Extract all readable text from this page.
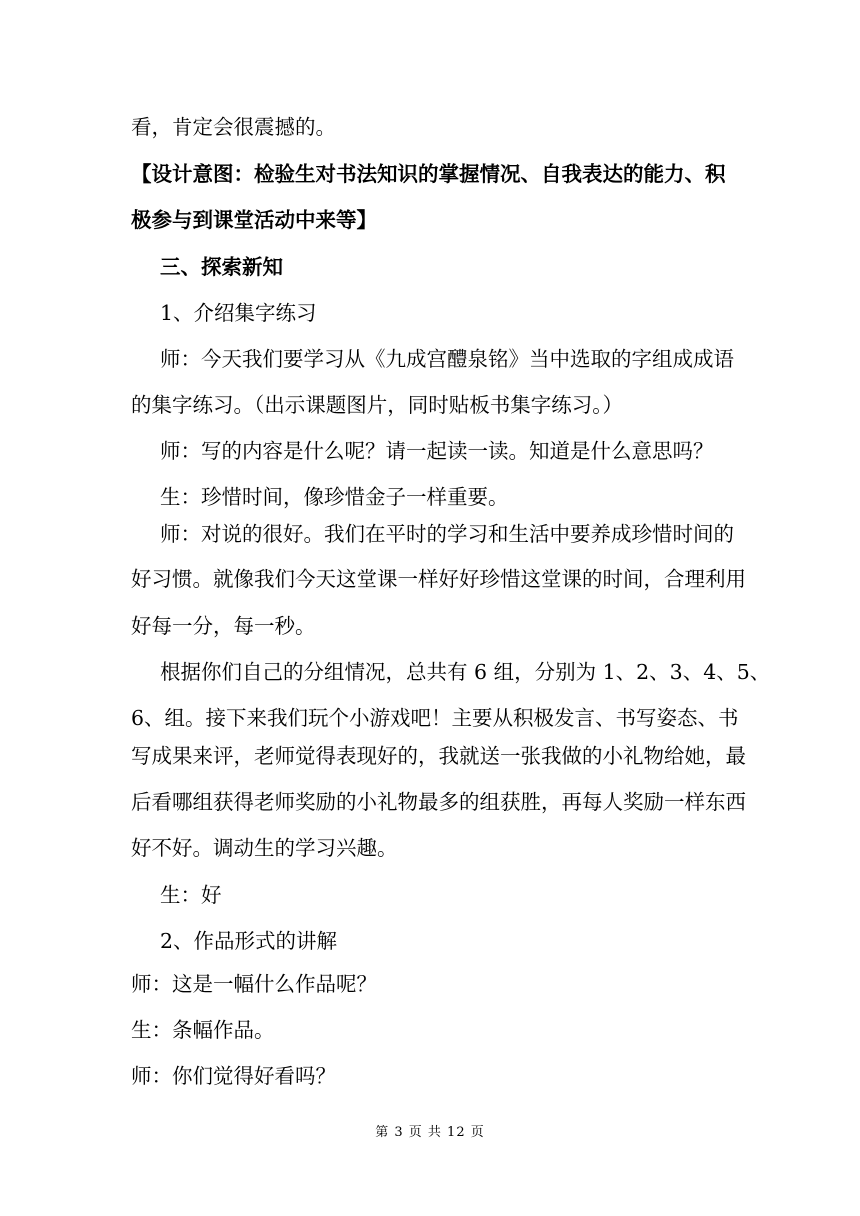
看，肯定会很震撼的。
【设计意图：检验生对书法知识的掌握情况、自我表达的能力、积
极参与到课堂活动中来等】
三、探索新知
1、介绍集字练习
师：今天我们要学习从《九成宫醴泉铭》当中选取的字组成成语
的集字练习。（出示课题图片，同时贴板书集字练习。）
师：写的内容是什么呢？请一起读一读。知道是什么意思吗？
生：珍惜时间，像珍惜金子一样重要。
师：对说的很好。我们在平时的学习和生活中要养成珍惜时间的
好习惯。就像我们今天这堂课一样好好珍惜这堂课的时间，合理利用
好每一分，每一秒。
根据你们自己的分组情况，总共有 6 组，分别为 1、2、3、4、5、
6、组。接下来我们玩个小游戏吧！主要从积极发言、书写姿态、书
写成果来评，老师觉得表现好的，我就送一张我做的小礼物给她，最
后看哪组获得老师奖励的小礼物最多的组获胜，再每人奖励一样东西
好不好。调动生的学习兴趣。
生：好
2、作品形式的讲解
师：这是一幅什么作品呢？
生：条幅作品。
师：你们觉得好看吗？
第 3 页 共 12 页
